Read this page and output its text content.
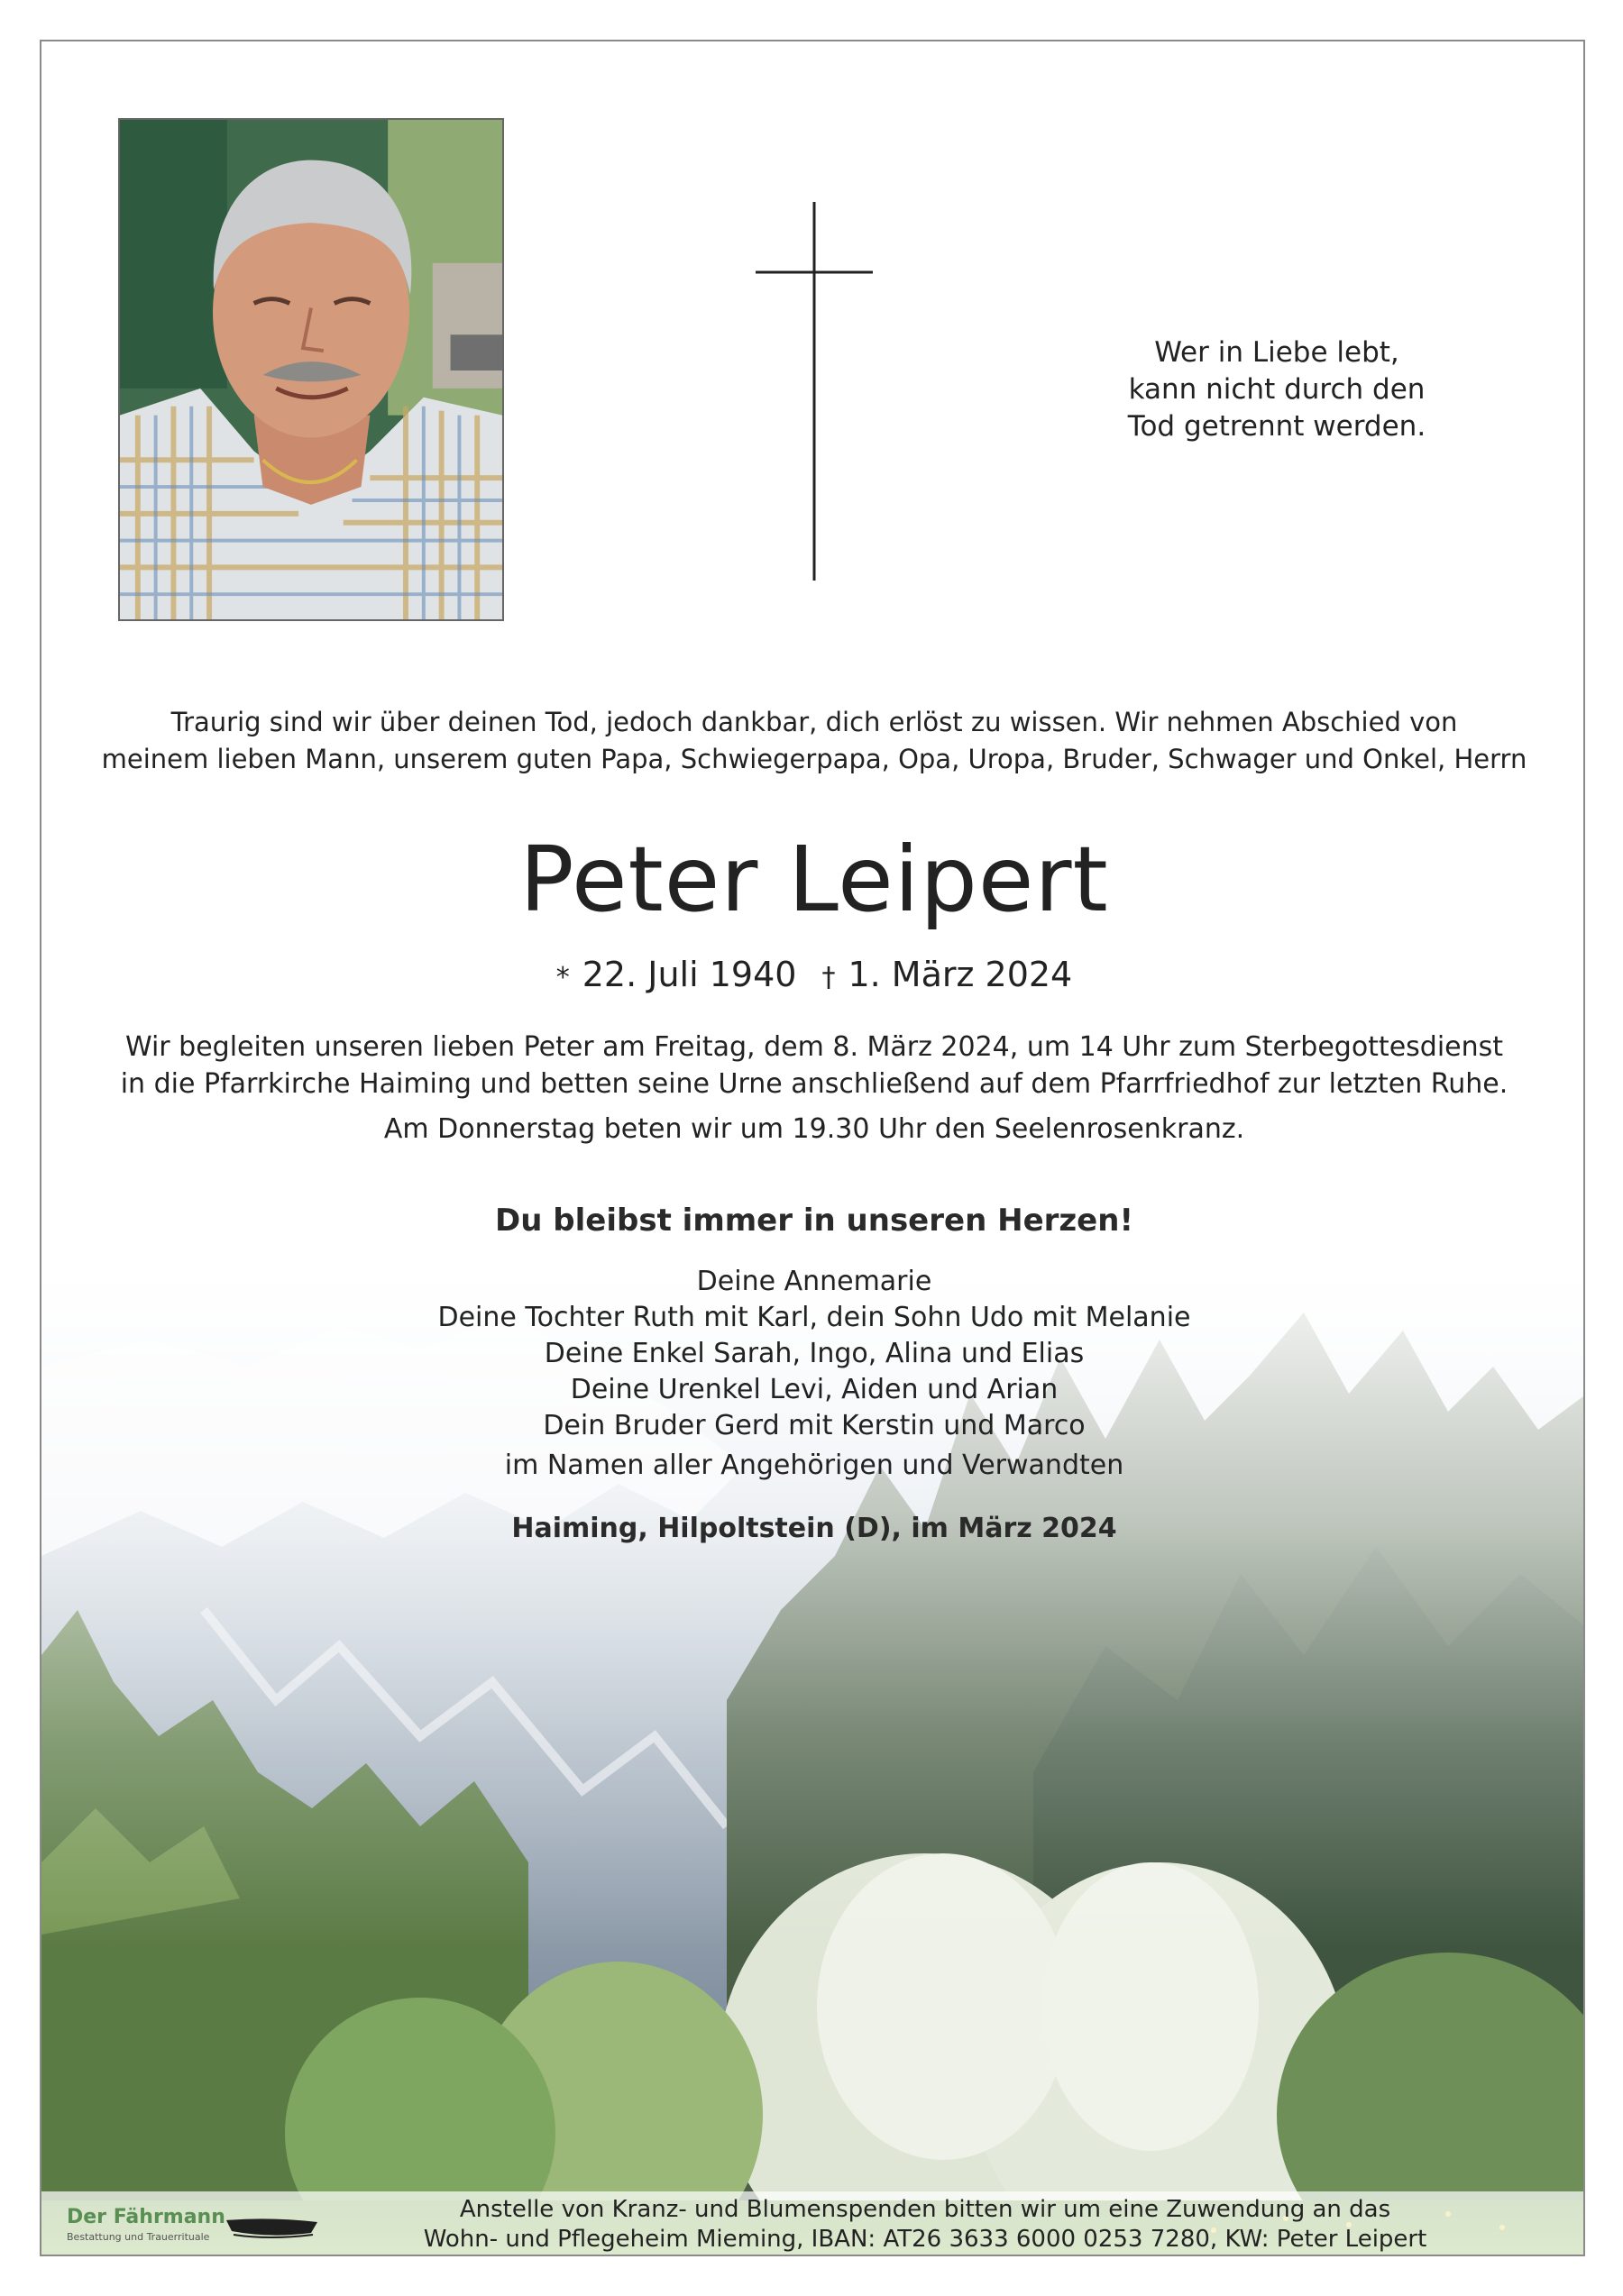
Wer in Liebe lebt,
kann nicht durch den
Tod getrennt werden.
Traurig sind wir über deinen Tod, jedoch dankbar, dich erlöst zu wissen. Wir nehmen Abschied von
meinem lieben Mann, unserem guten Papa, Schwiegerpapa, Opa, Uropa, Bruder, Schwager und Onkel, Herrn
Peter Leipert
* 22. Juli 1940 † 1. März 2024
Wir begleiten unseren lieben Peter am Freitag, dem 8. März 2024, um 14 Uhr zum Sterbegottesdienst
in die Pfarrkirche Haiming und betten seine Urne anschließend auf dem Pfarrfriedhof zur letzten Ruhe.
Am Donnerstag beten wir um 19.30 Uhr den Seelenrosenkranz.
Du bleibst immer in unseren Herzen!
Deine Annemarie
Deine Tochter Ruth mit Karl, dein Sohn Udo mit Melanie
Deine Enkel Sarah, Ingo, Alina und Elias
Deine Urenkel Levi, Aiden und Arian
Dein Bruder Gerd mit Kerstin und Marco
im Namen aller Angehörigen und Verwandten
Haiming, Hilpoltstein (D), im März 2024
Der Fährmann
Bestattung und Trauerrituale
Anstelle von Kranz- und Blumenspenden bitten wir um eine Zuwendung an das
Wohn- und Pflegeheim Mieming, IBAN: AT26 3633 6000 0253 7280, KW: Peter Leipert
